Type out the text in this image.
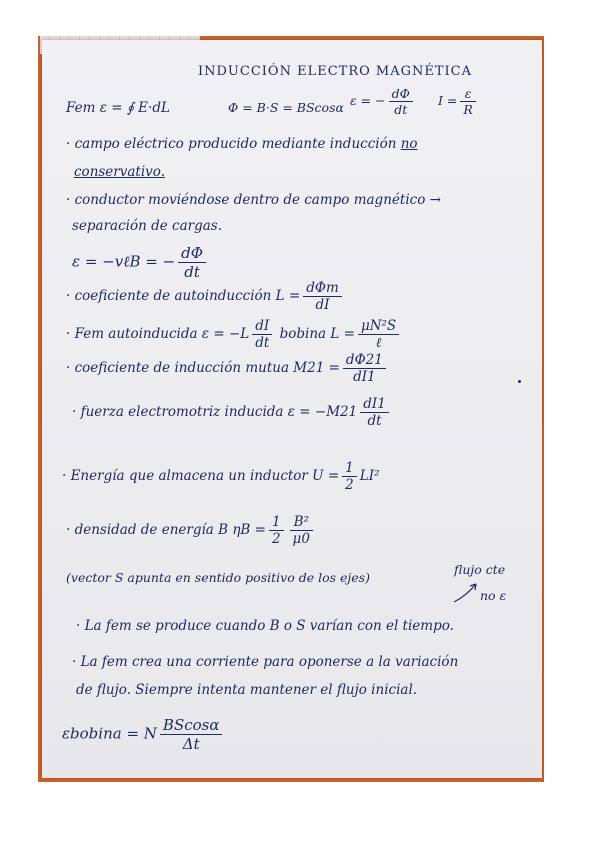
INDUCCIÓN ELECTRO MAGNÉTICA
Fem ε = ∮ E·dL	Φ = B·S = BScosα ε = − $\frac{d\Phi}{dt}$ $I = \frac{\varepsilon}{R}$
· campo eléctrico producido mediante inducción no
conservativo.
· conductor moviéndose dentro de campo magnético →
separación de cargas.
ε = −vℓB = − $\frac{d\Phi}{dt}$
· coeficiente de autoinducción $L = \frac{\text{dΦm}}{dI}$
· Fem autoinducida $\varepsilon = -L \frac{dI}{dt}$ bobina $L = \frac{\text{μN²S}}{\text{ℓ}}$
· coeficiente de inducción mutua $M21 = \frac{d\Phi 21}{dI1}$
· fuerza electromotriz inducida $\varepsilon = -M21 \frac{dI1}{dt}$
· Energía que almacena un inductor $U = \frac{1}{2} LI^2$
· densidad de energía B $\eta B = \frac{1}{2} \frac{\text{B²}}{\mu 0}$
(vector S apunta en sentido positivo de los ejes)
flujo cte
no ε
· La fem se produce cuando B o S varían con el tiempo.
· La fem crea una corriente para oponerse a la variación
de flujo. Siempre intenta mantener el flujo inicial.
εbobina = N $\frac{BScos\alpha}{\Delta t}$
